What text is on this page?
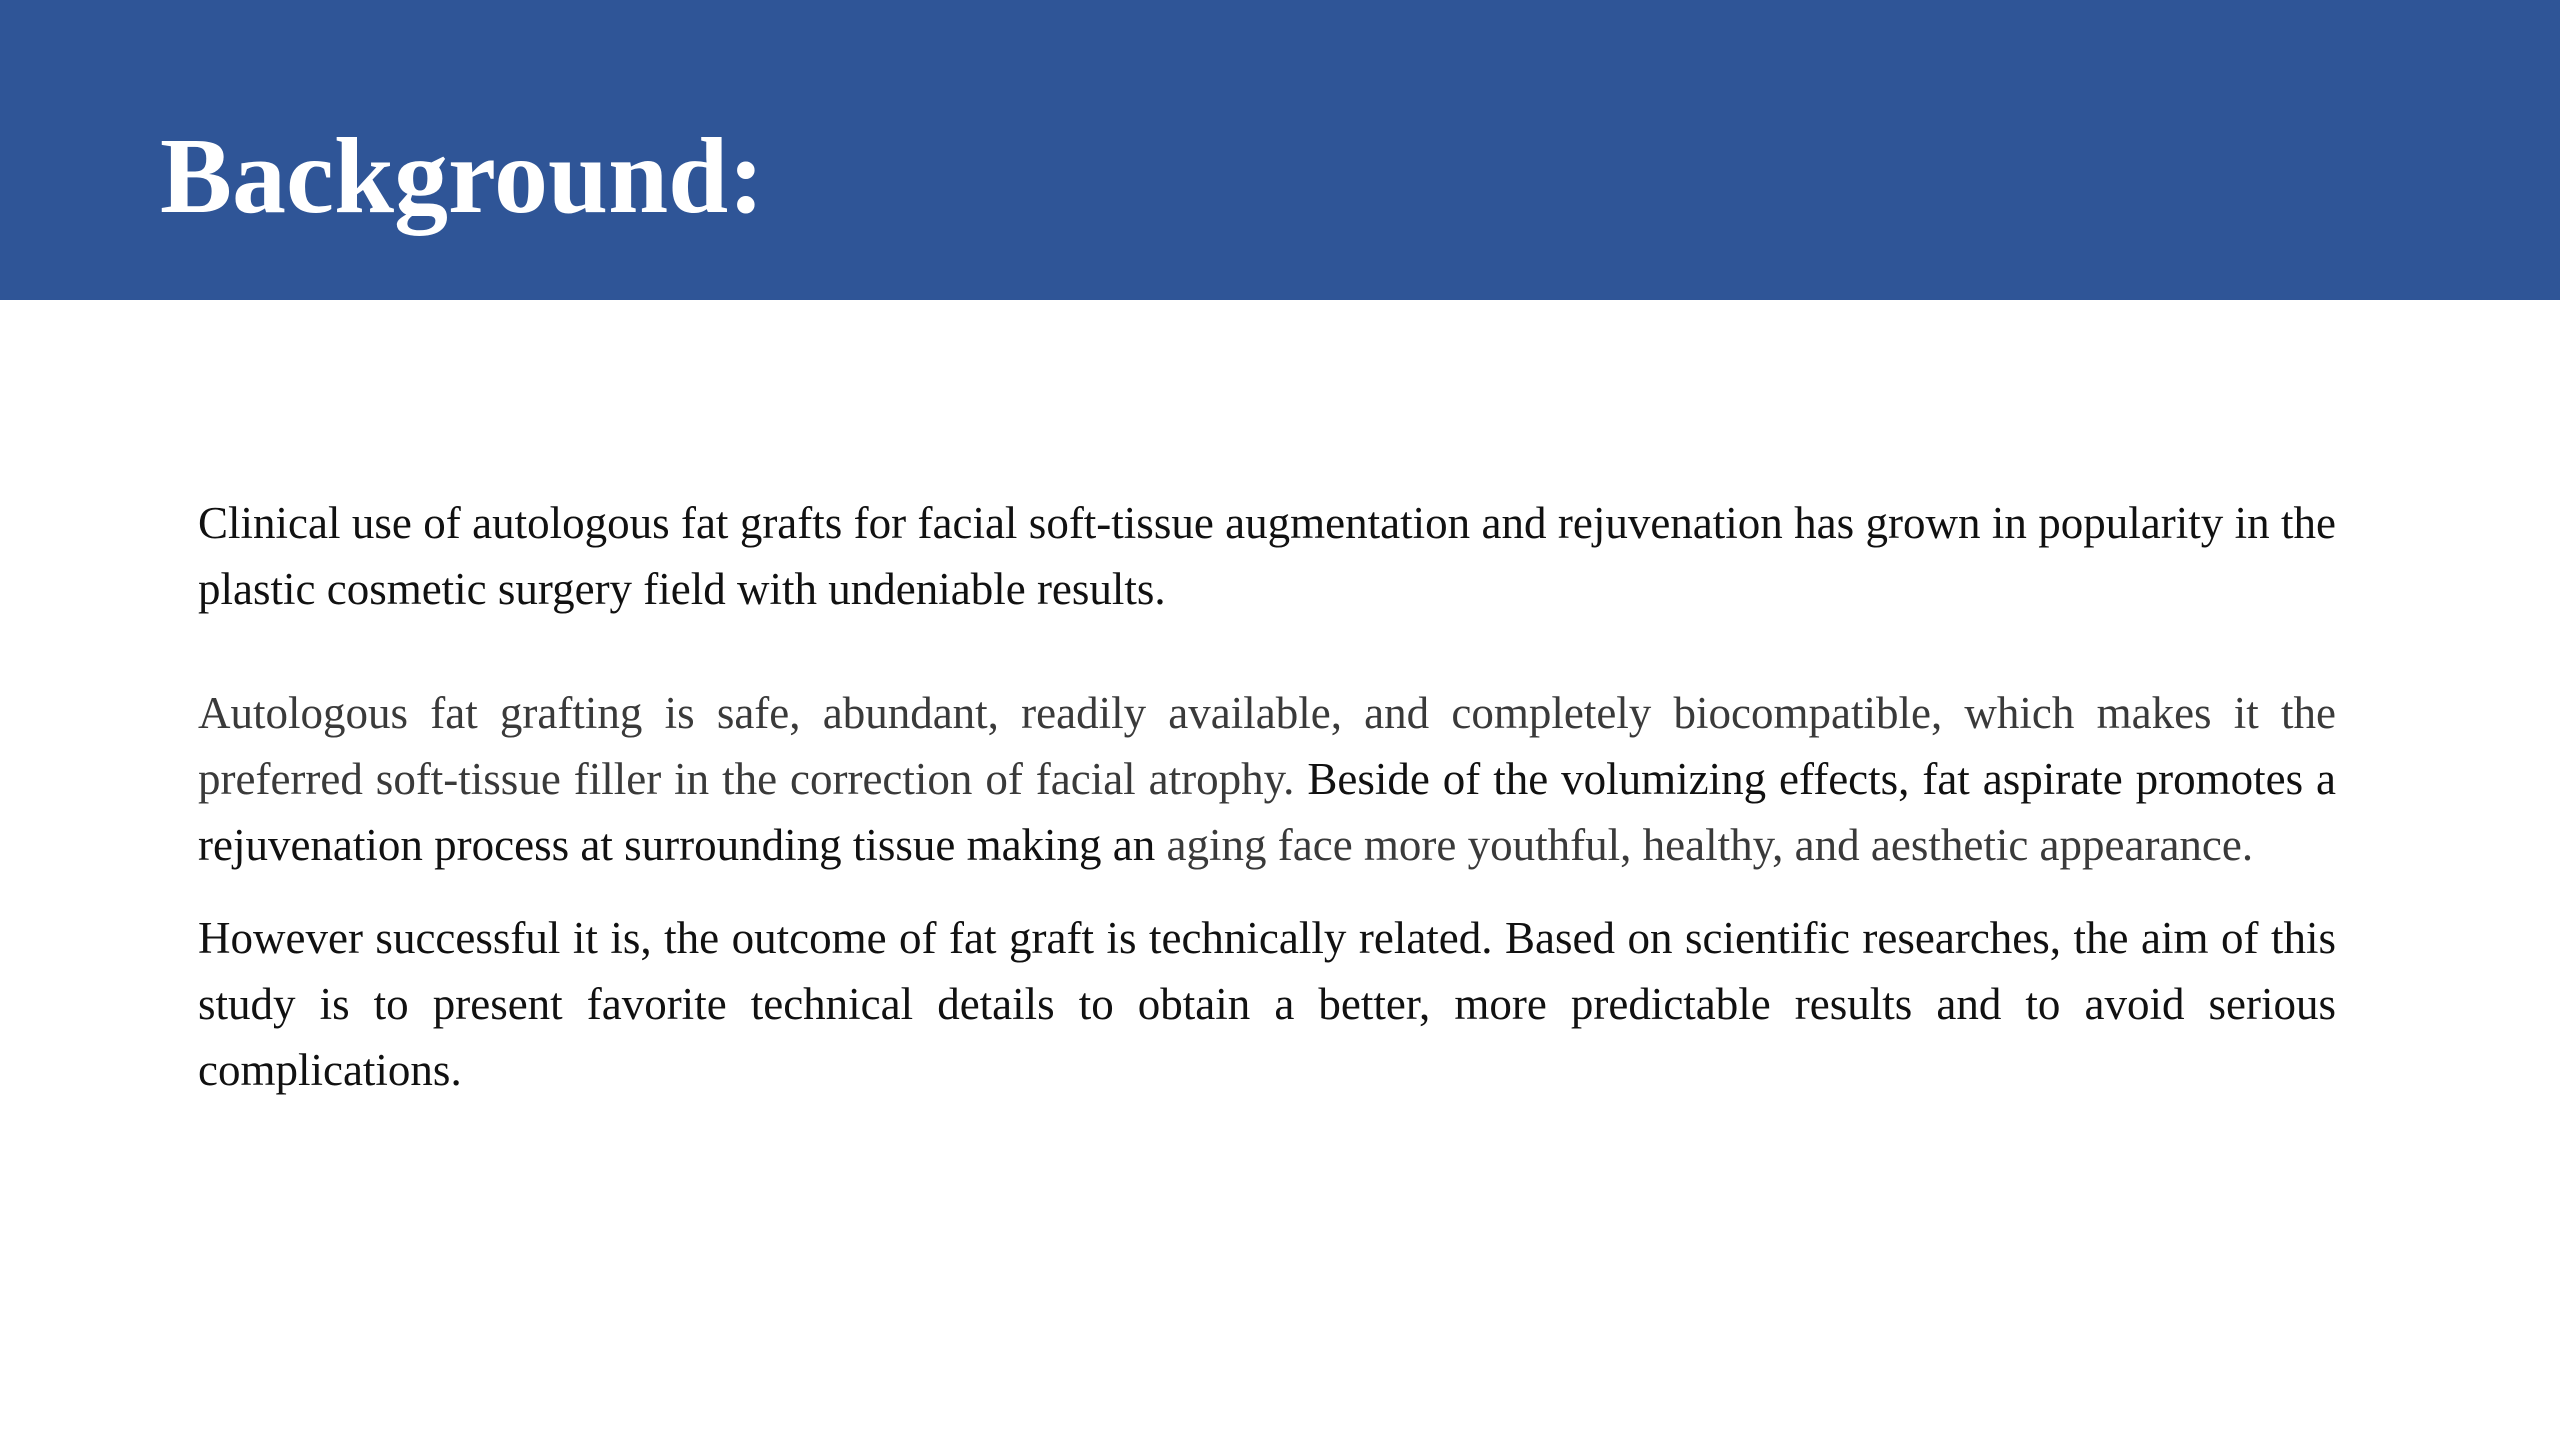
Background:

Clinical use of autologous fat grafts for facial soft-tissue augmentation and rejuvenation has grown in popularity in the plastic cosmetic surgery field with undeniable results.

Autologous fat grafting is safe, abundant, readily available, and completely biocompatible, which makes it the preferred soft-tissue filler in the correction of facial atrophy. Beside of the volumizing effects, fat aspirate promotes a rejuvenation process at surrounding tissue making an aging face more youthful, healthy, and aesthetic appearance.

However successful it is, the outcome of fat graft is technically related. Based on scientific researches, the aim of this study is to present favorite technical details to obtain a better, more predictable results and to avoid serious complications.
